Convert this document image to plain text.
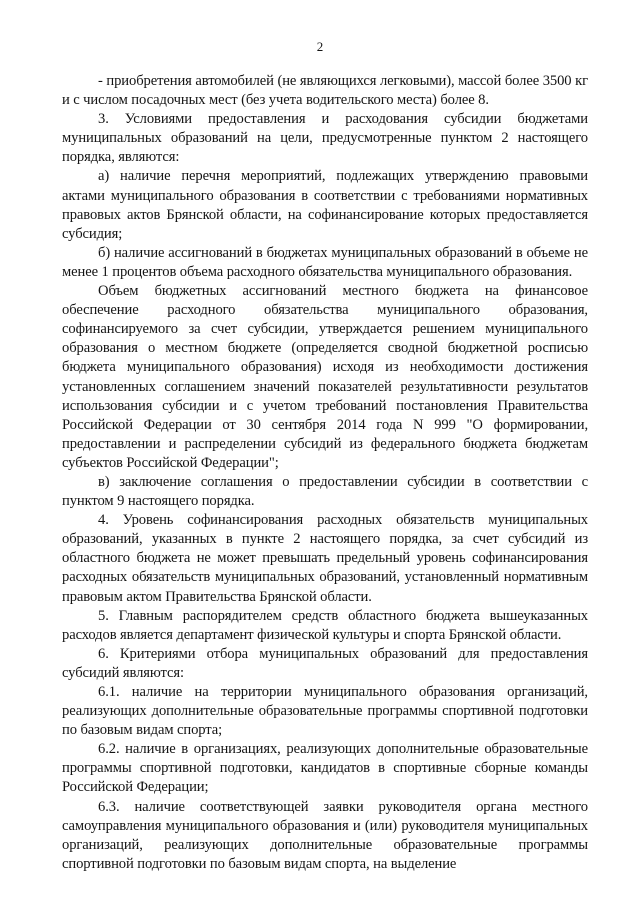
2

- приобретения автомобилей (не являющихся легковыми), массой более 3500 кг и с числом посадочных мест (без учета водительского места) более 8.

3. Условиями предоставления и расходования субсидии бюджетами муниципальных образований на цели, предусмотренные пунктом 2 настоящего порядка, являются:

а) наличие перечня мероприятий, подлежащих утверждению правовыми актами муниципального образования в соответствии с требованиями нормативных правовых актов Брянской области, на софинансирование которых предоставляется субсидия;

б) наличие ассигнований в бюджетах муниципальных образований в объеме не менее 1 процентов объема расходного обязательства муниципального образования.

Объем бюджетных ассигнований местного бюджета на финансовое обеспечение расходного обязательства муниципального образования, софинансируемого за счет субсидии, утверждается решением муниципального образования о местном бюджете (определяется сводной бюджетной росписью бюджета муниципального образования) исходя из необходимости достижения установленных соглашением значений показателей результативности результатов использования субсидии и с учетом требований постановления Правительства Российской Федерации от 30 сентября 2014 года N 999 "О формировании, предоставлении и распределении субсидий из федерального бюджета бюджетам субъектов Российской Федерации";

в) заключение соглашения о предоставлении субсидии в соответствии с пунктом 9 настоящего порядка.

4. Уровень софинансирования расходных обязательств муниципальных образований, указанных в пункте 2 настоящего порядка, за счет субсидий из областного бюджета не может превышать предельный уровень софинансирования расходных обязательств муниципальных образований, установленный нормативным правовым актом Правительства Брянской области.

5. Главным распорядителем средств областного бюджета вышеуказанных расходов является департамент физической культуры и спорта Брянской области.

6. Критериями отбора муниципальных образований для предоставления субсидий являются:

6.1. наличие на территории муниципального образования организаций, реализующих дополнительные образовательные программы спортивной подготовки по базовым видам спорта;

6.2. наличие в организациях, реализующих дополнительные образовательные программы спортивной подготовки, кандидатов в спортивные сборные команды Российской Федерации;

6.3. наличие соответствующей заявки руководителя органа местного самоуправления муниципального образования и (или) руководителя муниципальных организаций, реализующих дополнительные образовательные программы спортивной подготовки по базовым видам спорта, на выделение
